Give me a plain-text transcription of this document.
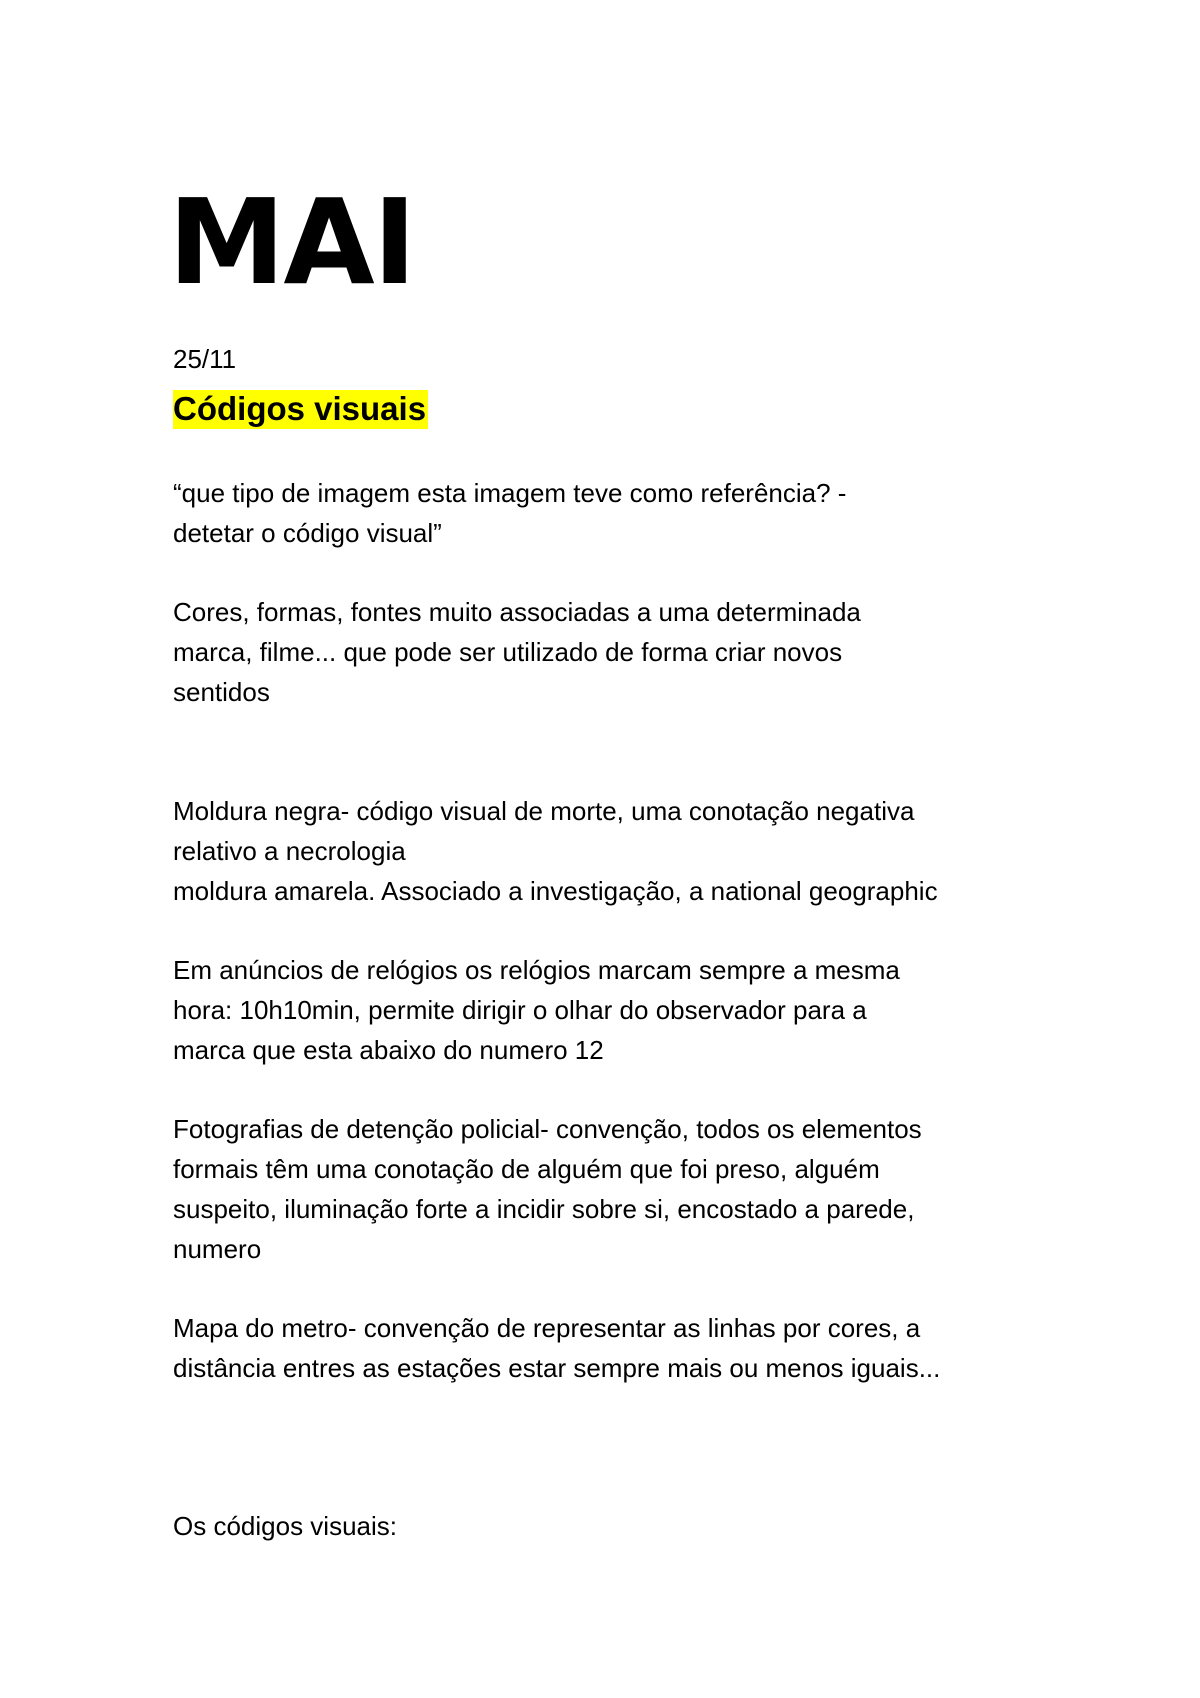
MAI

25/11

Códigos visuais

“que tipo de imagem esta imagem teve como referência? -

detetar o código visual”

Cores, formas, fontes muito associadas a uma determinada

marca, filme... que pode ser utilizado de forma criar novos

sentidos

Moldura negra- código visual de morte, uma conotação negativa

relativo a necrologia

moldura amarela. Associado a investigação, a national geographic

Em anúncios de relógios os relógios marcam sempre a mesma

hora: 10h10min, permite dirigir o olhar do observador para a

marca que esta abaixo do numero 12

Fotografias de detenção policial- convenção, todos os elementos

formais têm uma conotação de alguém que foi preso, alguém

suspeito, iluminação forte a incidir sobre si, encostado a parede,

numero

Mapa do metro- convenção de representar as linhas por cores, a

distância entres as estações estar sempre mais ou menos iguais...

Os códigos visuais:
